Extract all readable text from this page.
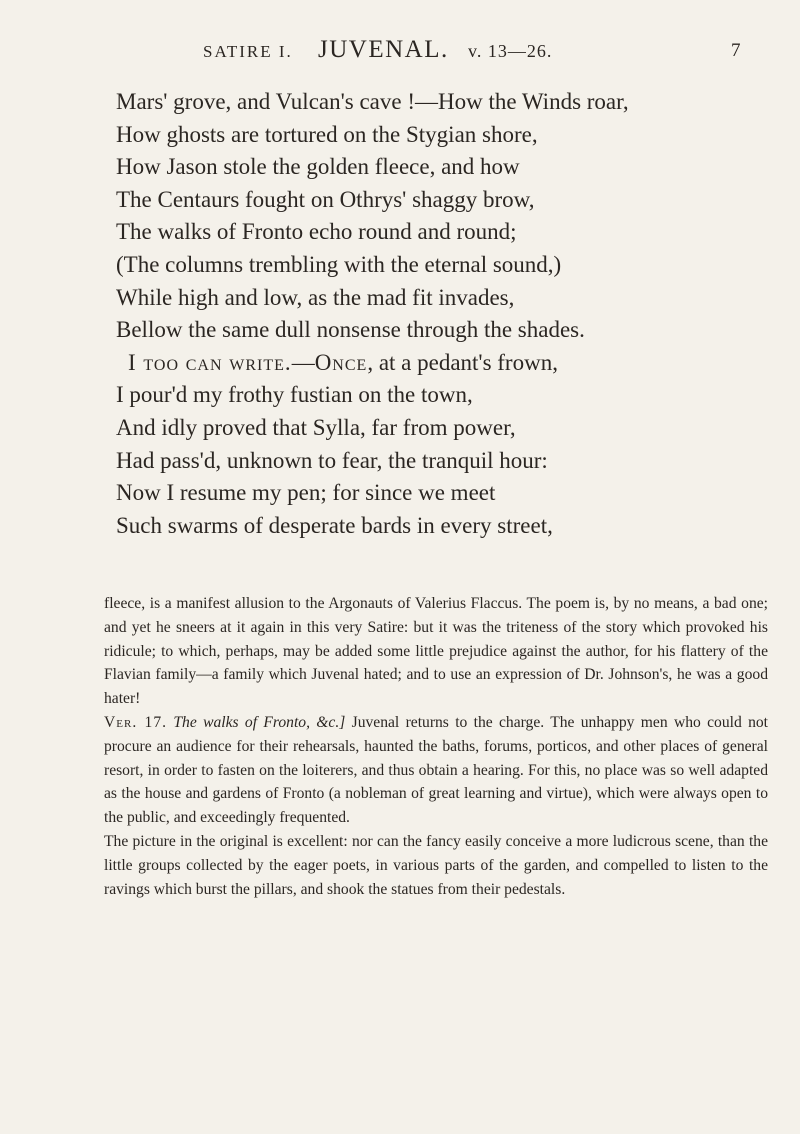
SATIRE I. JUVENAL. v. 13—26.	7
Mars' grove, and Vulcan's cave !—How the Winds roar,
How ghosts are tortured on the Stygian shore,
How Jason stole the golden fleece, and how
The Centaurs fought on Othrys' shaggy brow,
The walks of Fronto echo round and round;
(The columns trembling with the eternal sound,)
While high and low, as the mad fit invades,
Bellow the same dull nonsense through the shades.
I too can write.—Once, at a pedant's frown,
I pour'd my frothy fustian on the town,
And idly proved that Sylla, far from power,
Had pass'd, unknown to fear, the tranquil hour:
Now I resume my pen; for since we meet
Such swarms of desperate bards in every street,

fleece, is a manifest allusion to the Argonauts of Valerius Flaccus. The poem is, by no means, a bad one; and yet he sneers at it again in this very Satire: but it was the triteness of the story which provoked his ridicule; to which, perhaps, may be added some little prejudice against the author, for his flattery of the Flavian family—a family which Juvenal hated; and to use an expression of Dr. Johnson's, he was a good hater!

Ver. 17. The walks of Fronto, &c.] Juvenal returns to the charge. The unhappy men who could not procure an audience for their rehearsals, haunted the baths, forums, porticos, and other places of general resort, in order to fasten on the loiterers, and thus obtain a hearing. For this, no place was so well adapted as the house and gardens of Fronto (a nobleman of great learning and virtue), which were always open to the public, and exceedingly frequented.

The picture in the original is excellent: nor can the fancy easily conceive a more ludicrous scene, than the little groups collected by the eager poets, in various parts of the garden, and compelled to listen to the ravings which burst the pillars, and shook the statues from their pedestals.
